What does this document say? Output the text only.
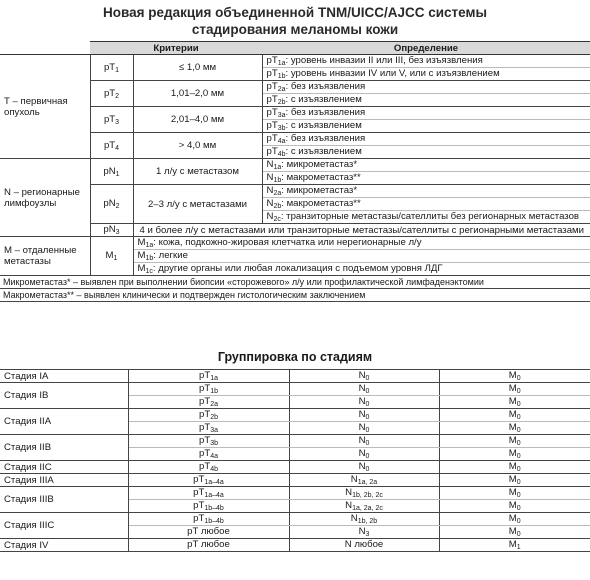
Новая редакция объединенной TNM/UICC/AJCC системы
стадирования меланомы кожи
	Критерии		Определение
Т – первичная опухоль	$pT_1$	≤ 1,0 мм	$pT_{1a}$: уровень инвазии II или III, без изъязвления
			$pT_{1b}$: уровень инвазии IV или V, или с изъязвлением
	$pT_2$	1,01–2,0 мм	$pT_{2a}$: без изъязвления
			$pT_{2b}$: с изъязвлением
	$pT_3$	2,01–4,0 мм	$pT_{3a}$: без изъязвления
			$pT_{3b}$: с изъязвлением
	$pT_4$	> 4,0 мм	$pT_{4a}$: без изъязвления
			$pT_{4b}$: с изъязвлением
N – регионарные лимфоузлы	$pN_1$	1 л/у с метастазом	$N_{1a}$: микрометастаз*
			$N_{1b}$: макрометастаз**
	$pN_2$	2–3 л/у с метастазами	$N_{2a}$: микрометастаз*
			$N_{2b}$: макрометастаз**
			$N_{2c}$: транзиторные метастазы/сателлиты без регионарных метастазов
	$pN_3$	4 и более л/у с метастазами или транзиторные метастазы/сателлиты с регионарными метастазами	
М – отдаленные метастазы	$M_1$	$M_{1a}$: кожа, подкожно-жировая клетчатка или нерегионарные л/у	
		$M_{1b}$: легкие	
		$M_{1c}$: другие органы или любая локализация с подъемом уровня ЛДГ	
Микрометастаз* – выявлен при выполнении биопсии «сторожевого» л/у или профилактической лимфаденэктомии			
Макрометастаз** – выявлен клинически и подтвержден гистологическим заключением			
Группировка по стадиям
Стадия IA	$pT_{1a}$	$N_0$	$M_0$
Стадия IB	$pT_{1b}$	$N_0$	$M_0$
	$pT_{2a}$	$N_0$	$M_0$
Стадия IIA	$pT_{2b}$	$N_0$	$M_0$
	$pT_{3a}$	$N_0$	$M_0$
Стадия IIB	$pT_{3b}$	$N_0$	$M_0$
	$pT_{4a}$	$N_0$	$M_0$
Стадия IIC	$pT_{4b}$	$N_0$	$M_0$
Стадия IIIA	$pT_{1a-4a}$	$N_{1a, 2a}$	$M_0$
Стадия IIIB	$pT_{1a-4a}$	$N_{1b, 2b, 2c}$	$M_0$
	$pT_{1b-4b}$	$N_{1a, 2a, 2c}$	$M_0$
Стадия IIIC	$pT_{1b-4b}$	$N_{1b, 2b}$	$M_0$
	pT любое	$N_3$	$M_0$
Стадия IV	pT любое	N любое	$M_1$
